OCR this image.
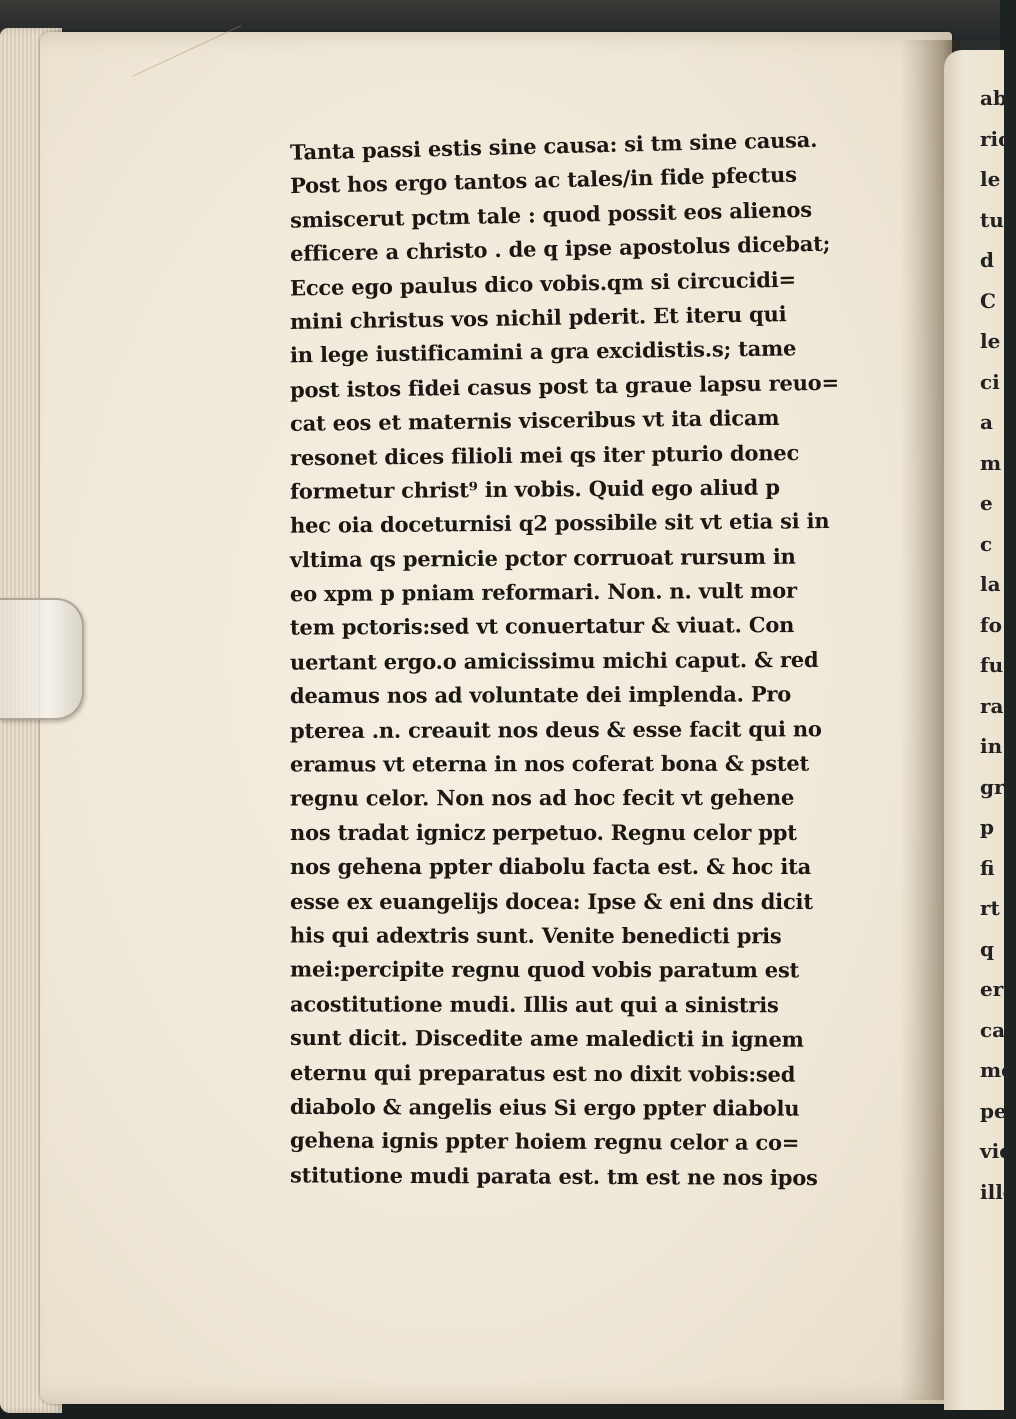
ab
rio
le
tu
d
C
le
ci
a
m
e
c
la
fo
fu
ra
in
gr
p
fi
rt
q
er
cal
me
pe
vic
ille
Tanta passi estis sine causa: si tm sine causa.
Post hos ergo tantos ac tales/in fide pfectus
smiscerut pctm tale : quod possit eos alienos
efficere a christo . de q ipse apostolus dicebat;
Ecce ego paulus dico vobis.qm si circucidi=
mini christus vos nichil pderit. Et iteru qui
in lege iustificamini a gra excidistis.s; tame
post istos fidei casus post ta graue lapsu reuo=
cat eos et maternis visceribus vt ita dicam
resonet dices filioli mei qs iter pturio donec
formetur christ⁹ in vobis. Quid ego aliud p
hec oia doceturnisi q2 possibile sit vt etia si in
vltima qs pernicie pctor corruoat rursum in
eo xpm p pniam reformari. Non. n. vult mor
tem pctoris:sed vt conuertatur & viuat. Con
uertant ergo.o amicissimu michi caput. & red
deamus nos ad voluntate dei implenda. Pro
pterea .n. creauit nos deus & esse facit qui no
eramus vt eterna in nos coferat bona & pstet
regnu celor. Non nos ad hoc fecit vt gehene
nos tradat ignicz perpetuo. Regnu celor ppt
nos gehena ppter diabolu facta est. & hoc ita
esse ex euangelijs docea: Ipse & eni dns dicit
his qui adextris sunt. Venite benedicti pris
mei:percipite regnu quod vobis paratum est
acostitutione mudi. Illis aut qui a sinistris
sunt dicit. Discedite ame maledicti in ignem
eternu qui preparatus est no dixit vobis:sed
diabolo & angelis eius Si ergo ppter diabolu
gehena ignis ppter hoiem regnu celor a co=
stitutione mudi parata est. tm est ne nos ipos
